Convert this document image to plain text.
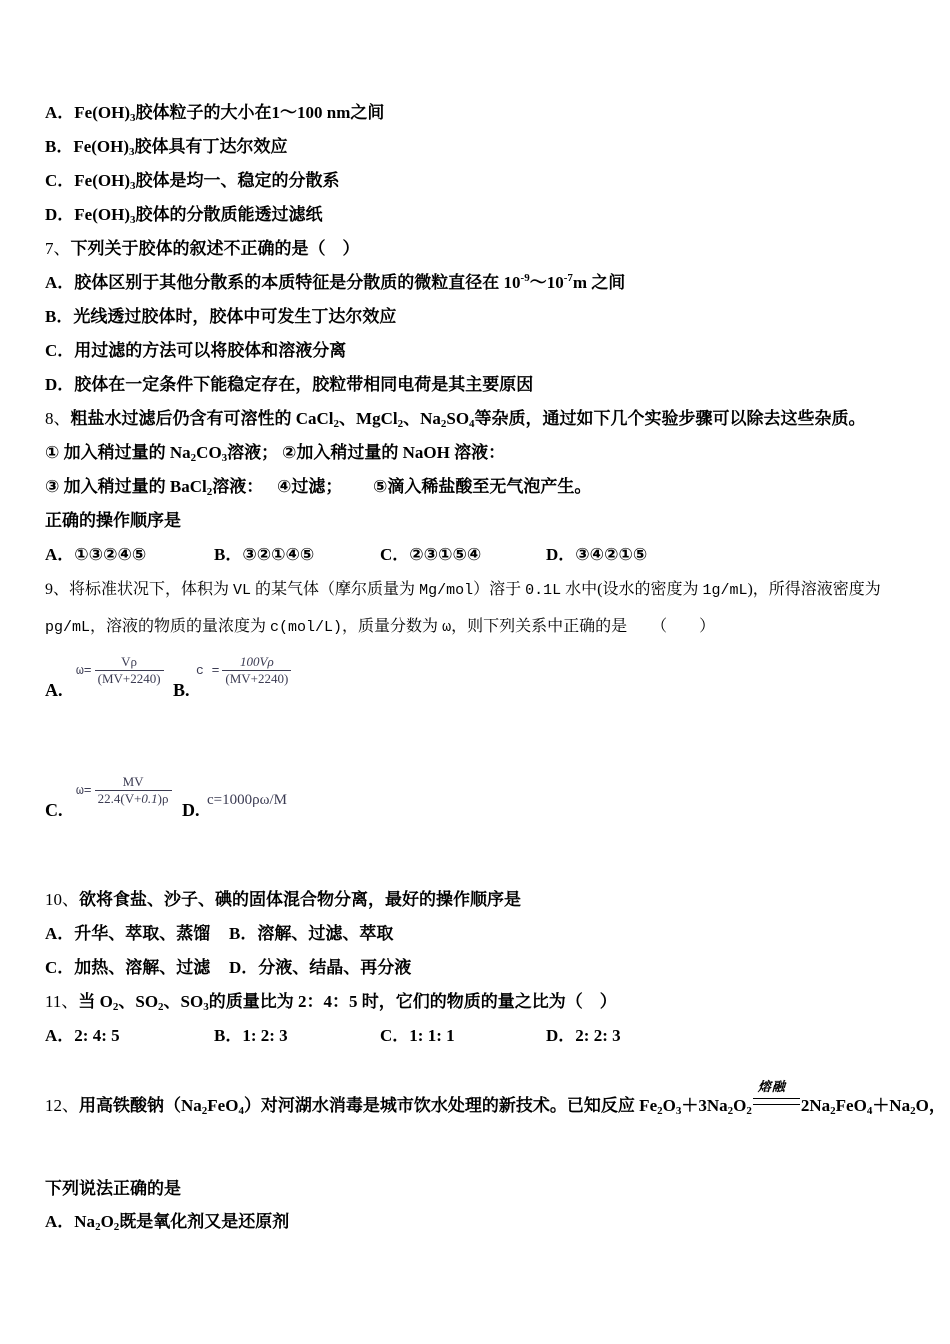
A．$Fe(OH)_3$胶体粒子的大小在1～100 nm之间
B．$Fe(OH)_3$胶体具有丁达尔效应
C．$Fe(OH)_3$胶体是均一、稳定的分散系
D．$Fe(OH)_3$胶体的分散质能透过滤纸
7、下列关于胶体的叙述不正确的是（　）
A．胶体区别于其他分散系的本质特征是分散质的微粒直径在 $10^{-9}\sim 10^{-7}m$ 之间
B．光线透过胶体时，胶体中可发生丁达尔效应
C．用过滤的方法可以将胶体和溶液分离
D．胶体在一定条件下能稳定存在，胶粒带相同电荷是其主要原因
8、粗盐水过滤后仍含有可溶性的 CaCl$_2$、MgCl$_2$、$Na_2SO_4$等杂质，通过如下几个实验步骤可以除去这些杂质。
① 加入稍过量的 $Na_2CO_3$溶液； ②加入稍过量的 NaOH 溶液：
③ 加入稍过量的 BaCl$_2$溶液： ④过滤； ⑤滴入稀盐酸至无气泡产生。
正确的操作顺序是
A．①③②④⑤	B．③②①④⑤	C．②③①⑤④	D．③④②①⑤
9、将标准状况下，体积为 VL 的某气体（摩尔质量为 Mg/mol）溶于 0.1L 水中(设水的密度为 1g/mL)，所得溶液密度为
pg/mL，溶液的物质的量浓度为 c(mol/L)，质量分数为 ω，则下列关系中正确的是　　（　　）
A.	B.
C.	D.
10、欲将食盐、沙子、碘的固体混合物分离，最好的操作顺序是
A．升华、萃取、蒸馏 B．溶解、过滤、萃取
C．加热、溶解、过滤 D．分液、结晶、再分液
11、当 $O_2$、$SO_2$、$SO_3$的质量比为 2：4：5 时，它们的物质的量之比为（　）
A．2: 4: 5	B．1: 2: 3	C．1: 1: 1	D．2: 2: 3
12、用高铁酸钠$(Na_2FeO_4)$对河湖水消毒是城市饮水处理的新技术。已知反应 $Fe_2O_3+3Na_2O_2$
熔融
$2Na_2FeO_4+Na_2O$，
下列说法正确的是
A．$Na_2O_2$既是氧化剂又是还原剂
$\omega= \frac{V\rho}{(MV+2240)}$ $c = \frac{100V\rho}{(MV+2240)}$
$\omega= \frac{MV}{22.4(V+0.1)\rho} c=1000\rho\omega/M$
